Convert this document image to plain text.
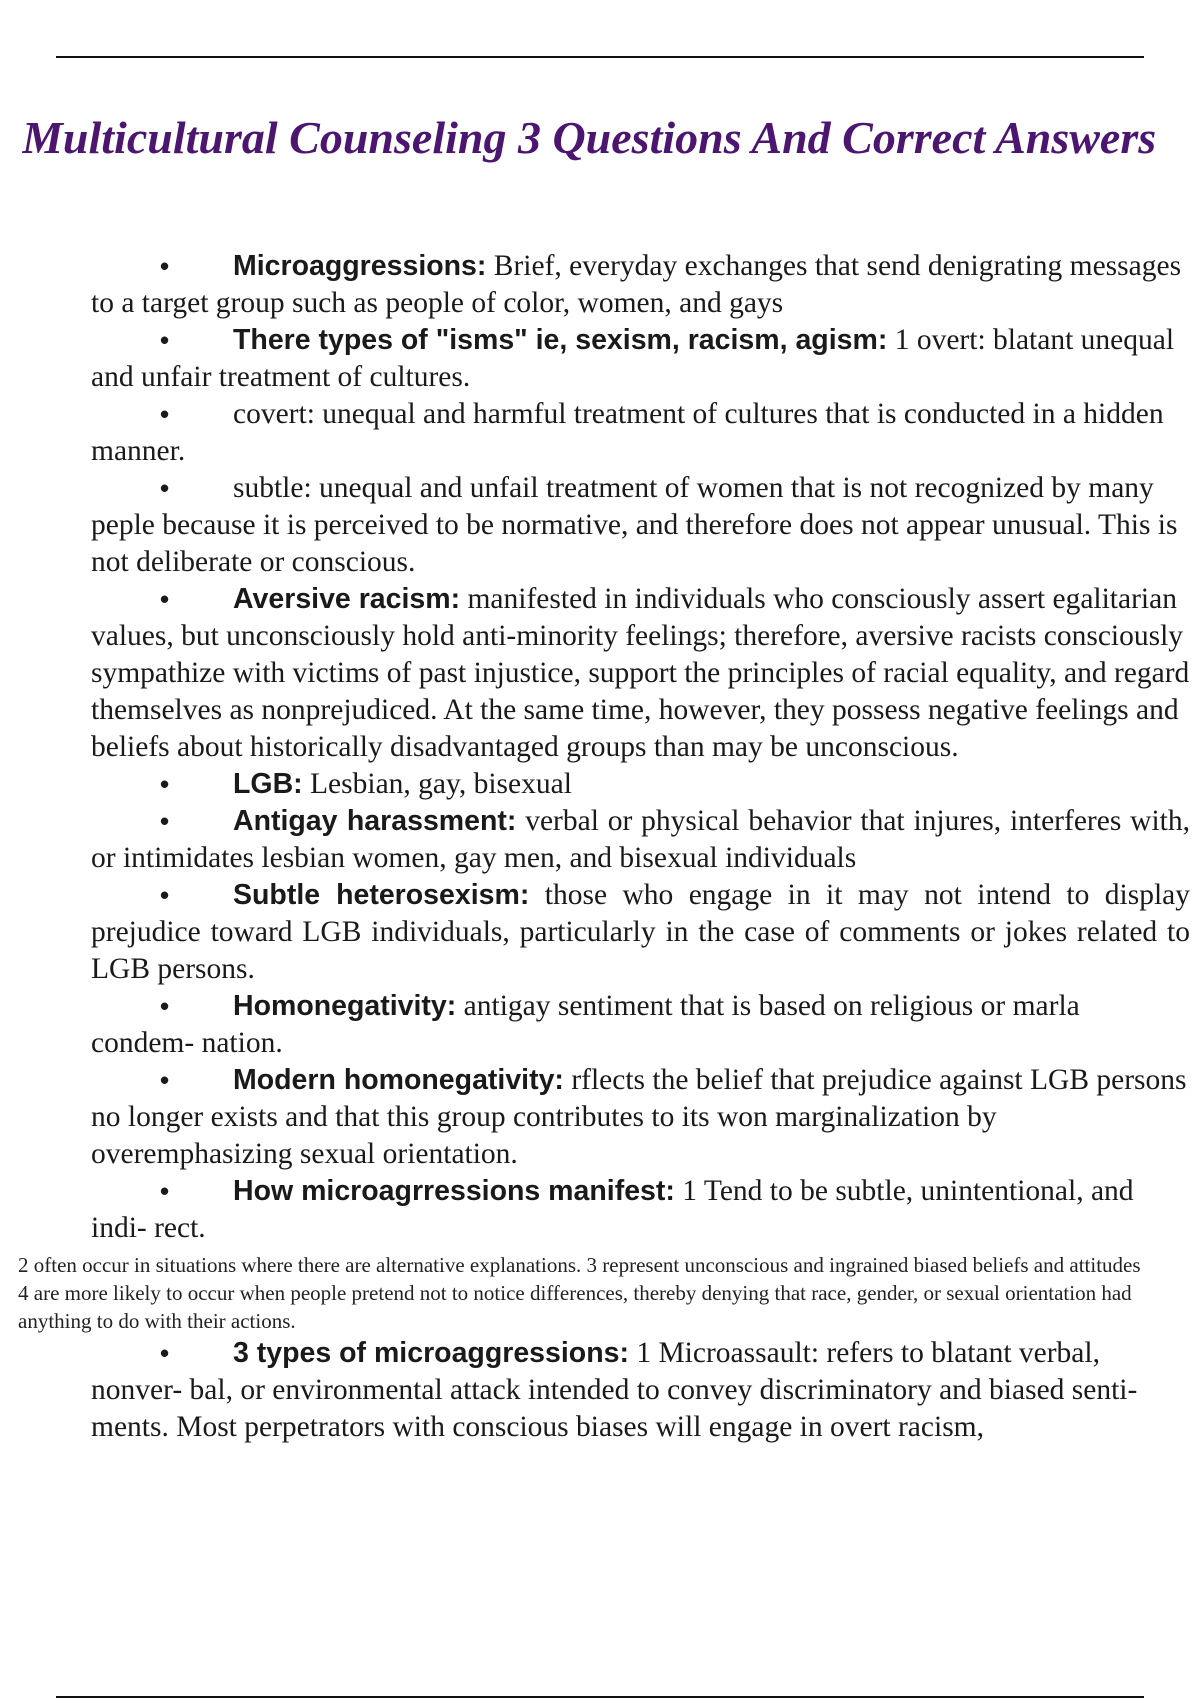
Multicultural Counseling 3 Questions And Correct Answers

• Microaggressions: Brief, everyday exchanges that send denigrating messages to a target group such as people of color, women, and gays

• There types of "isms" ie, sexism, racism, agism: 1 overt: blatant unequal and unfair treatment of cultures.

• covert: unequal and harmful treatment of cultures that is conducted in a hidden manner.

• subtle: unequal and unfail treatment of women that is not recognized by many peple because it is perceived to be normative, and therefore does not appear unusual. This is not deliberate or conscious.

• Aversive racism: manifested in individuals who consciously assert egalitarian values, but unconsciously hold anti-minority feelings; therefore, aversive racists consciously sympathize with victims of past injustice, support the principles of racial equality, and regard themselves as nonprejudiced. At the same time, however, they possess negative feelings and beliefs about historically disadvantaged groups than may be unconscious.

• LGB: Lesbian, gay, bisexual

• Antigay harassment: verbal or physical behavior that injures, interferes with, or intimidates lesbian women, gay men, and bisexual individuals

• Subtle heterosexism: those who engage in it may not intend to display prejudice toward LGB individuals, particularly in the case of comments or jokes related to LGB persons.

• Homonegativity: antigay sentiment that is based on religious or marla condem- nation.

• Modern homonegativity: rflects the belief that prejudice against LGB persons no longer exists and that this group contributes to its won marginalization by overemphasizing sexual orientation.

• How microagrressions manifest: 1 Tend to be subtle, unintentional, and indi- rect.

2 often occur in situations where there are alternative explanations. 3 represent unconscious and ingrained biased beliefs and attitudes

4 are more likely to occur when people pretend not to notice differences, thereby denying that race, gender, or sexual orientation had anything to do with their actions.

• 3 types of microaggressions: 1 Microassault: refers to blatant verbal, nonver- bal, or environmental attack intended to convey discriminatory and biased senti- ments. Most perpetrators with conscious biases will engage in overt racism,
